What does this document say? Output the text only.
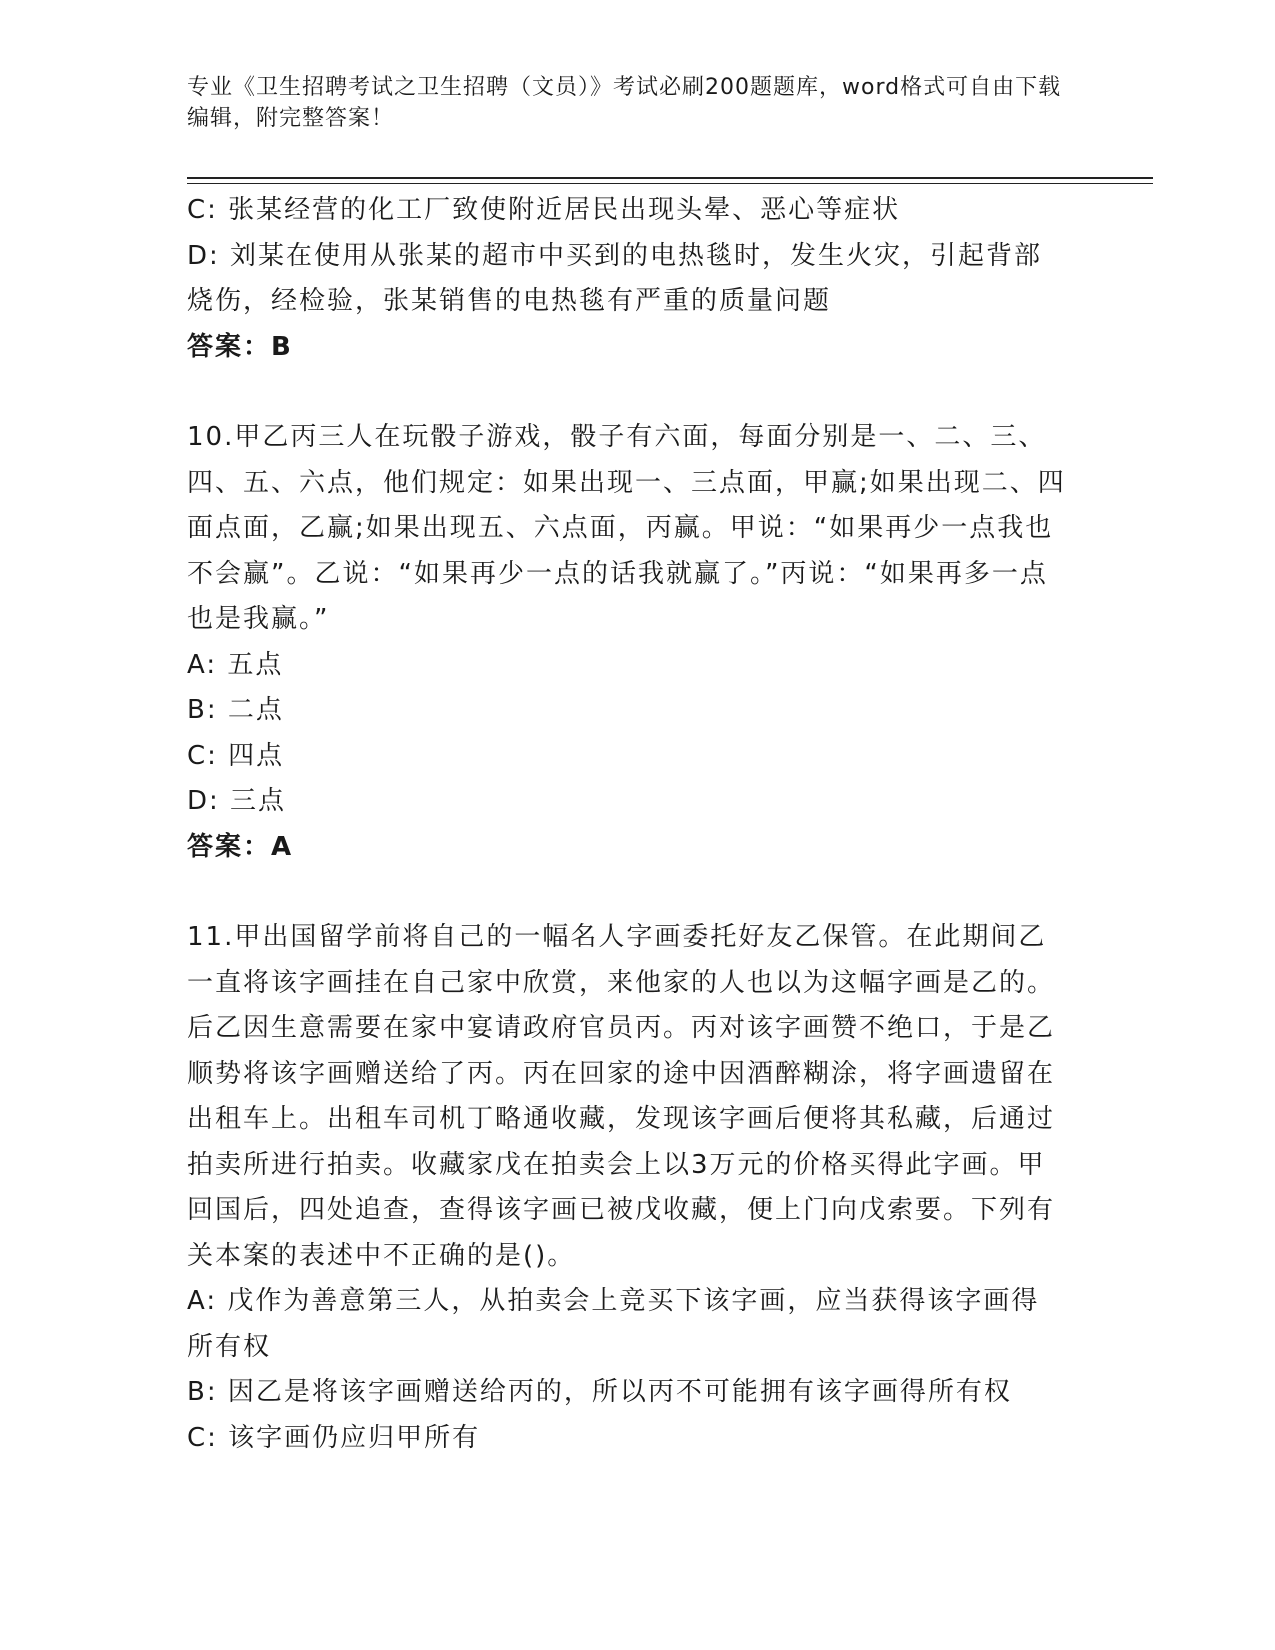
专业《卫生招聘考试之卫生招聘（文员）》考试必刷200题题库，word格式可自由下载编辑，附完整答案！

C: 张某经营的化工厂致使附近居民出现头晕、恶心等症状

D: 刘某在使用从张某的超市中买到的电热毯时，发生火灾，引起背部烧伤，经检验，张某销售的电热毯有严重的质量问题

答案：B

10.甲乙丙三人在玩骰子游戏，骰子有六面，每面分别是一、二、三、四、五、六点，他们规定：如果出现一、三点面，甲赢;如果出现二、四面点面，乙赢;如果出现五、六点面，丙赢。甲说：“如果再少一点我也不会赢”。乙说：“如果再少一点的话我就赢了。”丙说：“如果再多一点也是我赢。”

A: 五点

B: 二点

C: 四点

D: 三点

答案：A

11.甲出国留学前将自己的一幅名人字画委托好友乙保管。在此期间乙一直将该字画挂在自己家中欣赏，来他家的人也以为这幅字画是乙的。后乙因生意需要在家中宴请政府官员丙。丙对该字画赞不绝口，于是乙顺势将该字画赠送给了丙。丙在回家的途中因酒醉糊涂，将字画遗留在出租车上。出租车司机丁略通收藏，发现该字画后便将其私藏，后通过拍卖所进行拍卖。收藏家戊在拍卖会上以3万元的价格买得此字画。甲回国后，四处追查，查得该字画已被戊收藏，便上门向戊索要。下列有关本案的表述中不正确的是()。

A: 戊作为善意第三人，从拍卖会上竞买下该字画，应当获得该字画得所有权

B: 因乙是将该字画赠送给丙的，所以丙不可能拥有该字画得所有权

C: 该字画仍应归甲所有
